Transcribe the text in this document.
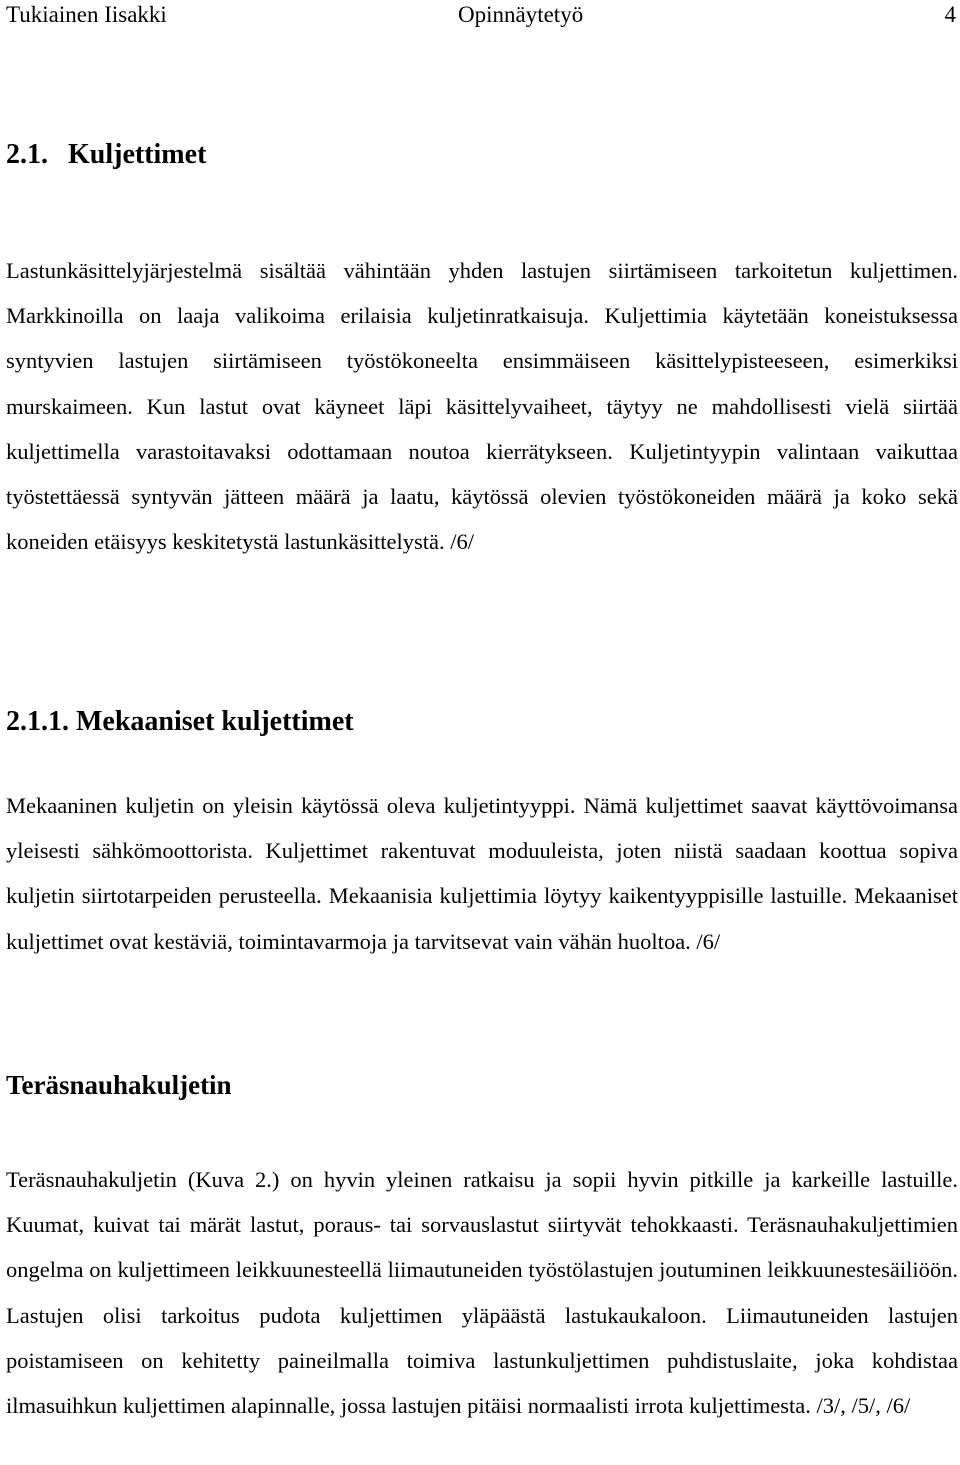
Tukiainen Iisakki	Opinnäytetyö	4
2.1. Kuljettimet

Lastunkäsittelyjärjestelmä sisältää vähintään yhden lastujen siirtämiseen tarkoitetun kuljettimen. Markkinoilla on laaja valikoima erilaisia kuljetinratkaisuja. Kuljettimia käytetään koneistuksessa syntyvien lastujen siirtämiseen työstökoneelta ensimmäiseen käsittelypisteeseen, esimerkiksi murskaimeen. Kun lastut ovat käyneet läpi käsittelyvaiheet, täytyy ne mahdollisesti vielä siirtää kuljettimella varastoitavaksi odottamaan noutoa kierrätykseen. Kuljetintyypin valintaan vaikuttaa työstettäessä syntyvän jätteen määrä ja laatu, käytössä olevien työstökoneiden määrä ja koko sekä koneiden etäisyys keskitetystä lastunkäsittelystä. /6/

2.1.1. Mekaaniset kuljettimet

Mekaaninen kuljetin on yleisin käytössä oleva kuljetintyyppi. Nämä kuljettimet saavat käyttövoimansa yleisesti sähkömoottorista. Kuljettimet rakentuvat moduuleista, joten niistä saadaan koottua sopiva kuljetin siirtotarpeiden perusteella. Mekaanisia kuljettimia löytyy kaikentyyppisille lastuille. Mekaaniset kuljettimet ovat kestäviä, toimintavarmoja ja tarvitsevat vain vähän huoltoa. /6/

Teräsnauhakuljetin

Teräsnauhakuljetin (Kuva 2.) on hyvin yleinen ratkaisu ja sopii hyvin pitkille ja karkeille lastuille. Kuumat, kuivat tai märät lastut, poraus- tai sorvauslastut siirtyvät tehokkaasti. Teräsnauhakuljettimien ongelma on kuljettimeen leikkuunesteellä liimautuneiden työstölastujen joutuminen leikkuunestesäiliöön. Lastujen olisi tarkoitus pudota kuljettimen yläpäästä lastukaukaloon. Liimautuneiden lastujen poistamiseen on kehitetty paineilmalla toimiva lastunkuljettimen puhdistuslaite, joka kohdistaa ilmasuihkun kuljettimen alapinnalle, jossa lastujen pitäisi normaalisti irrota kuljettimesta. /3/, /5/, /6/
